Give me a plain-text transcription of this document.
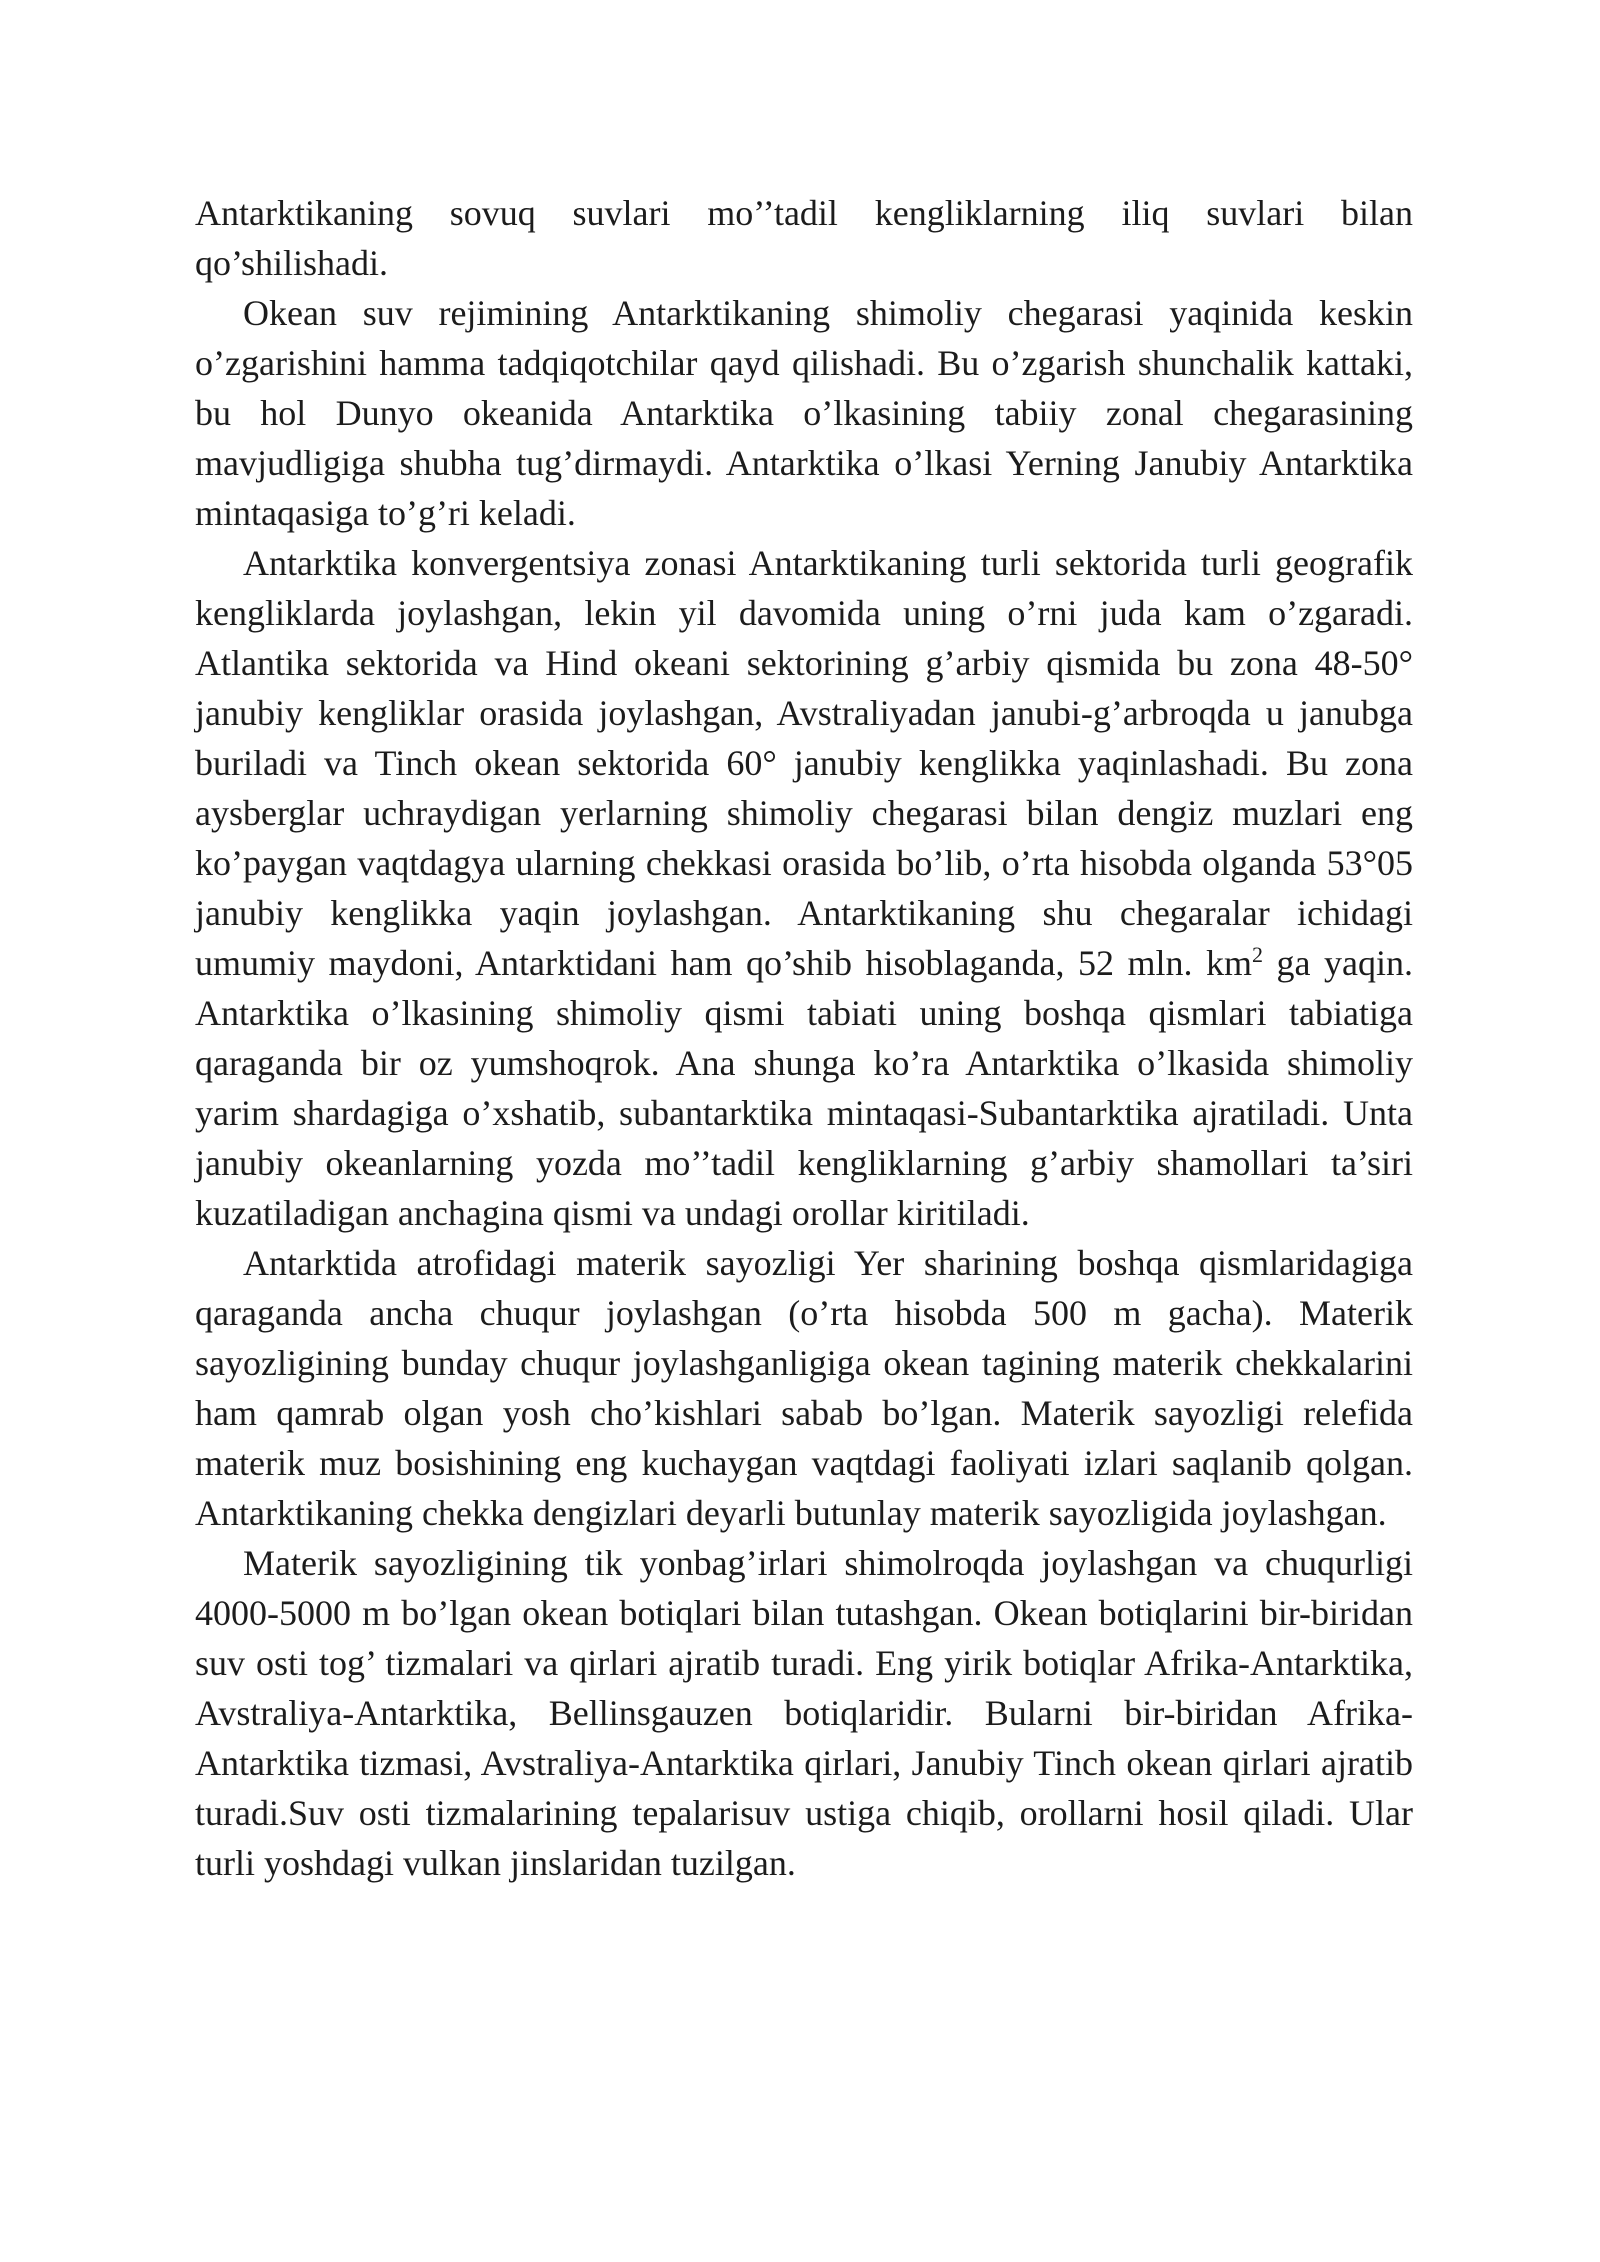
Antarktikaning sovuq suvlari mo’’tadil kengliklarning iliq suvlari bilan qo’shilishadi.

Okean suv rejimining Antarktikaning shimoliy chegarasi yaqinida keskin o’zgarishini hamma tadqiqotchilar qayd qilishadi. Bu o’zgarish shunchalik kattaki, bu hol Dunyo okeanida Antarktika o’lkasining tabiiy zonal chegarasining mavjudligiga shubha tug’dirmaydi. Antarktika o’lkasi Yerning Janubiy Antarktika mintaqasiga to’g’ri keladi.

Antarktika konvergentsiya zonasi Antarktikaning turli sektorida turli geografik kengliklarda joylashgan, lekin yil davomida uning o’rni juda kam o’zgaradi. Atlantika sektorida va Hind okeani sektorining g’arbiy qismida bu zona 48-50° janubiy kengliklar orasida joylashgan, Avstraliyadan janubi-g’arbroqda u janubga buriladi va Tinch okean sektorida 60° janubiy kenglikka yaqinlashadi. Bu zona aysberglar uchraydigan yerlarning shimoliy chegarasi bilan dengiz muzlari eng ko’paygan vaqtdagya ularning chekkasi orasida bo’lib, o’rta hisobda olganda 53°05 janubiy kenglikka yaqin joylashgan. Antarktikaning shu chegaralar ichidagi umumiy maydoni, Antarktidani ham qo’shib hisoblaganda, 52 mln. $km^2$ ga yaqin. Antarktika o’lkasining shimoliy qismi tabiati uning boshqa qismlari tabiatiga qaraganda bir oz yumshoqrok. Ana shunga ko’ra Antarktika o’lkasida shimoliy yarim shardagiga o’xshatib, subantarktika mintaqasi-Subantarktika ajratiladi. Unta janubiy okeanlarning yozda mo’’tadil kengliklarning g’arbiy shamollari ta’siri kuzatiladigan anchagina qismi va undagi orollar kiritiladi.

Antarktida atrofidagi materik sayozligi Yer sharining boshqa qismlaridagiga qaraganda ancha chuqur joylashgan (o’rta hisobda 500 m gacha). Materik sayozligining bunday chuqur joylashganligiga okean tagining materik chekkalarini ham qamrab olgan yosh cho’kishlari sabab bo’lgan. Materik sayozligi relefida materik muz bosishining eng kuchaygan vaqtdagi faoliyati izlari saqlanib qolgan. Antarktikaning chekka dengizlari deyarli butunlay materik sayozligida joylashgan.

Materik sayozligining tik yonbag’irlari shimolroqda joylashgan va chuqurligi 4000-5000 m bo’lgan okean botiqlari bilan tutashgan. Okean botiqlarini bir-biridan suv osti tog’ tizmalari va qirlari ajratib turadi. Eng yirik botiqlar Afrika-Antarktika, Avstraliya-Antarktika, Bellinsgauzen botiqlaridir. Bularni bir-biridan Afrika-Antarktika tizmasi, Avstraliya-Antarktika qirlari, Janubiy Tinch okean qirlari ajratib turadi.Suv osti tizmalarining tepalarisuv ustiga chiqib, orollarni hosil qiladi. Ular turli yoshdagi vulkan jinslaridan tuzilgan.
